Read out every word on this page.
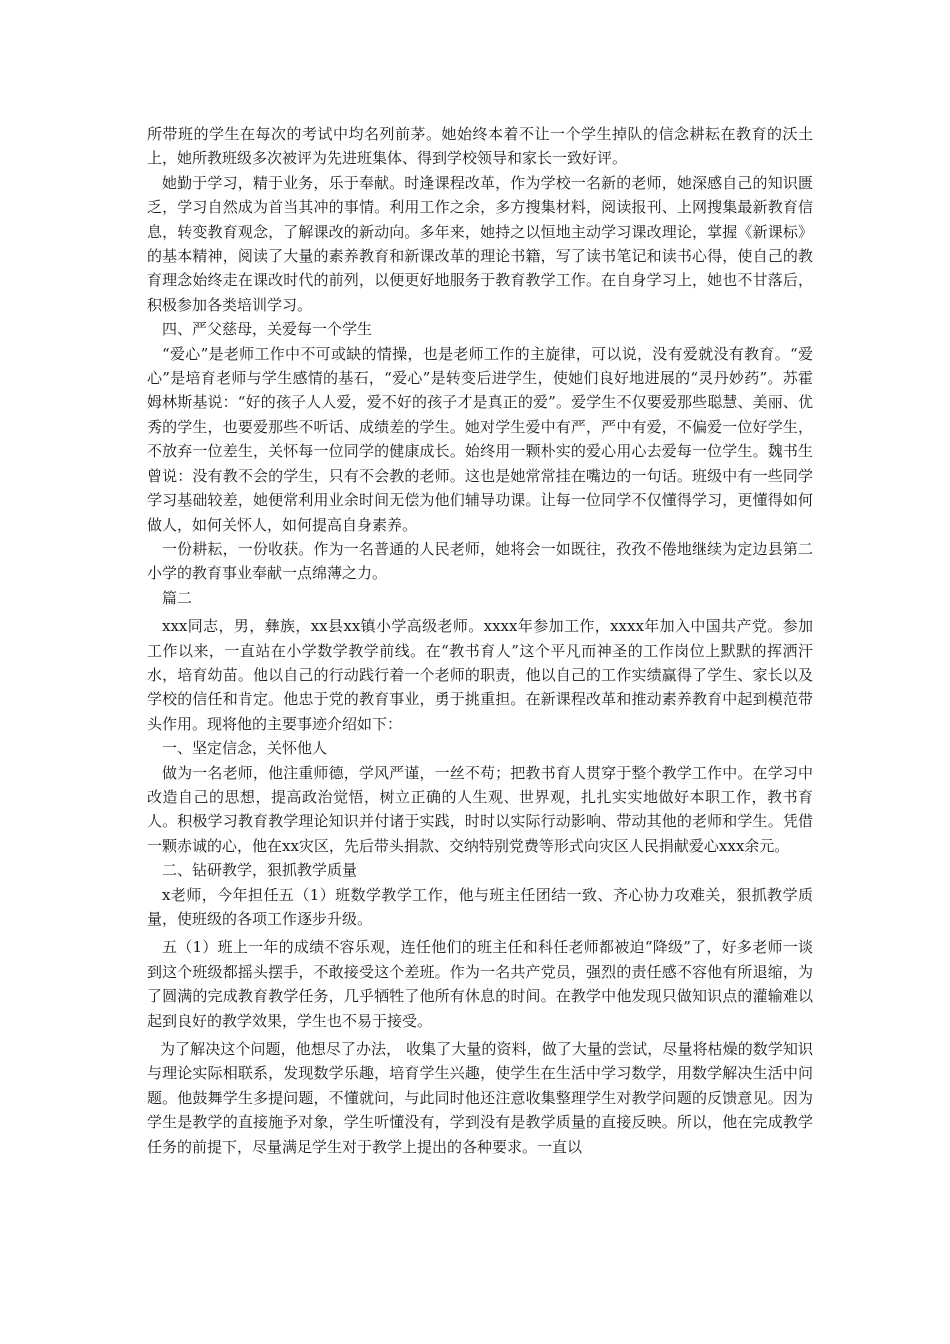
所带班的学生在每次的考试中均名列前茅。她始终本着不让一个学生掉队的信念耕耘在教育的沃土上，她所教班级多次被评为先进班集体、得到学校领导和家长一致好评。

她勤于学习，精于业务，乐于奉献。时逢课程改革，作为学校一名新的老师，她深感自己的知识匮乏，学习自然成为首当其冲的事情。利用工作之余，多方搜集材料，阅读报刊、上网搜集最新教育信息，转变教育观念，了解课改的新动向。多年来，她持之以恒地主动学习课改理论，掌握《新课标》的基本精神，阅读了大量的素养教育和新课改革的理论书籍，写了读书笔记和读书心得，使自己的教育理念始终走在课改时代的前列，以便更好地服务于教育教学工作。在自身学习上，她也不甘落后，积极参加各类培训学习。

四、严父慈母，关爱每一个学生

“爱心”是老师工作中不可或缺的情操，也是老师工作的主旋律，可以说，没有爱就没有教育。“爱心”是培育老师与学生感情的基石，“爱心”是转变后进学生，使她们良好地进展的“灵丹妙药”。苏霍姆林斯基说：“好的孩子人人爱，爱不好的孩子才是真正的爱”。爱学生不仅要爱那些聪慧、美丽、优秀的学生，也要爱那些不听话、成绩差的学生。她对学生爱中有严，严中有爱，不偏爱一位好学生，不放弃一位差生，关怀每一位同学的健康成长。始终用一颗朴实的爱心用心去爱每一位学生。魏书生曾说：没有教不会的学生，只有不会教的老师。这也是她常常挂在嘴边的一句话。班级中有一些同学学习基础较差，她便常利用业余时间无偿为他们辅导功课。让每一位同学不仅懂得学习，更懂得如何做人，如何关怀人，如何提高自身素养。

一份耕耘，一份收获。作为一名普通的人民老师，她将会一如既往，孜孜不倦地继续为定边县第二小学的教育事业奉献一点绵薄之力。

篇二

xxx同志，男，彝族，xx县xx镇小学高级老师。xxxx年参加工作，xxxx年加入中国共产党。参加工作以来，一直站在小学数学教学前线。在“教书育人”这个平凡而神圣的工作岗位上默默的挥洒汗水，培育幼苗。他以自己的行动践行着一个老师的职责，他以自己的工作实绩赢得了学生、家长以及学校的信任和肯定。他忠于党的教育事业，勇于挑重担。在新课程改革和推动素养教育中起到模范带头作用。现将他的主要事迹介绍如下：

一、坚定信念，关怀他人

做为一名老师，他注重师德，学风严谨，一丝不苟；把教书育人贯穿于整个教学工作中。在学习中改造自己的思想，提高政治觉悟，树立正确的人生观、世界观，扎扎实实地做好本职工作，教书育人。积极学习教育教学理论知识并付诸于实践，时时以实际行动影响、带动其他的老师和学生。凭借一颗赤诚的心，他在xx灾区，先后带头捐款、交纳特别党费等形式向灾区人民捐献爱心xxx余元。

二、钻研教学，狠抓教学质量

x老师，今年担任五（1）班数学教学工作，他与班主任团结一致、齐心协力攻难关，狠抓教学质量，使班级的各项工作逐步升级。

五（1）班上一年的成绩不容乐观，连任他们的班主任和科任老师都被迫“降级”了，好多老师一谈到这个班级都摇头摆手，不敢接受这个差班。作为一名共产党员，强烈的责任感不容他有所退缩，为了圆满的完成教育教学任务，几乎牺牲了他所有休息的时间。在教学中他发现只做知识点的灌输难以起到良好的教学效果，学生也不易于接受。

为了解决这个问题，他想尽了办法， 收集了大量的资料，做了大量的尝试，尽量将枯燥的数学知识与理论实际相联系，发现数学乐趣，培育学生兴趣，使学生在生活中学习数学，用数学解决生活中问题。他鼓舞学生多提问题，不懂就问，与此同时他还注意收集整理学生对教学问题的反馈意见。因为学生是教学的直接施予对象，学生听懂没有，学到没有是教学质量的直接反映。所以，他在完成教学任务的前提下，尽量满足学生对于教学上提出的各种要求。一直以
